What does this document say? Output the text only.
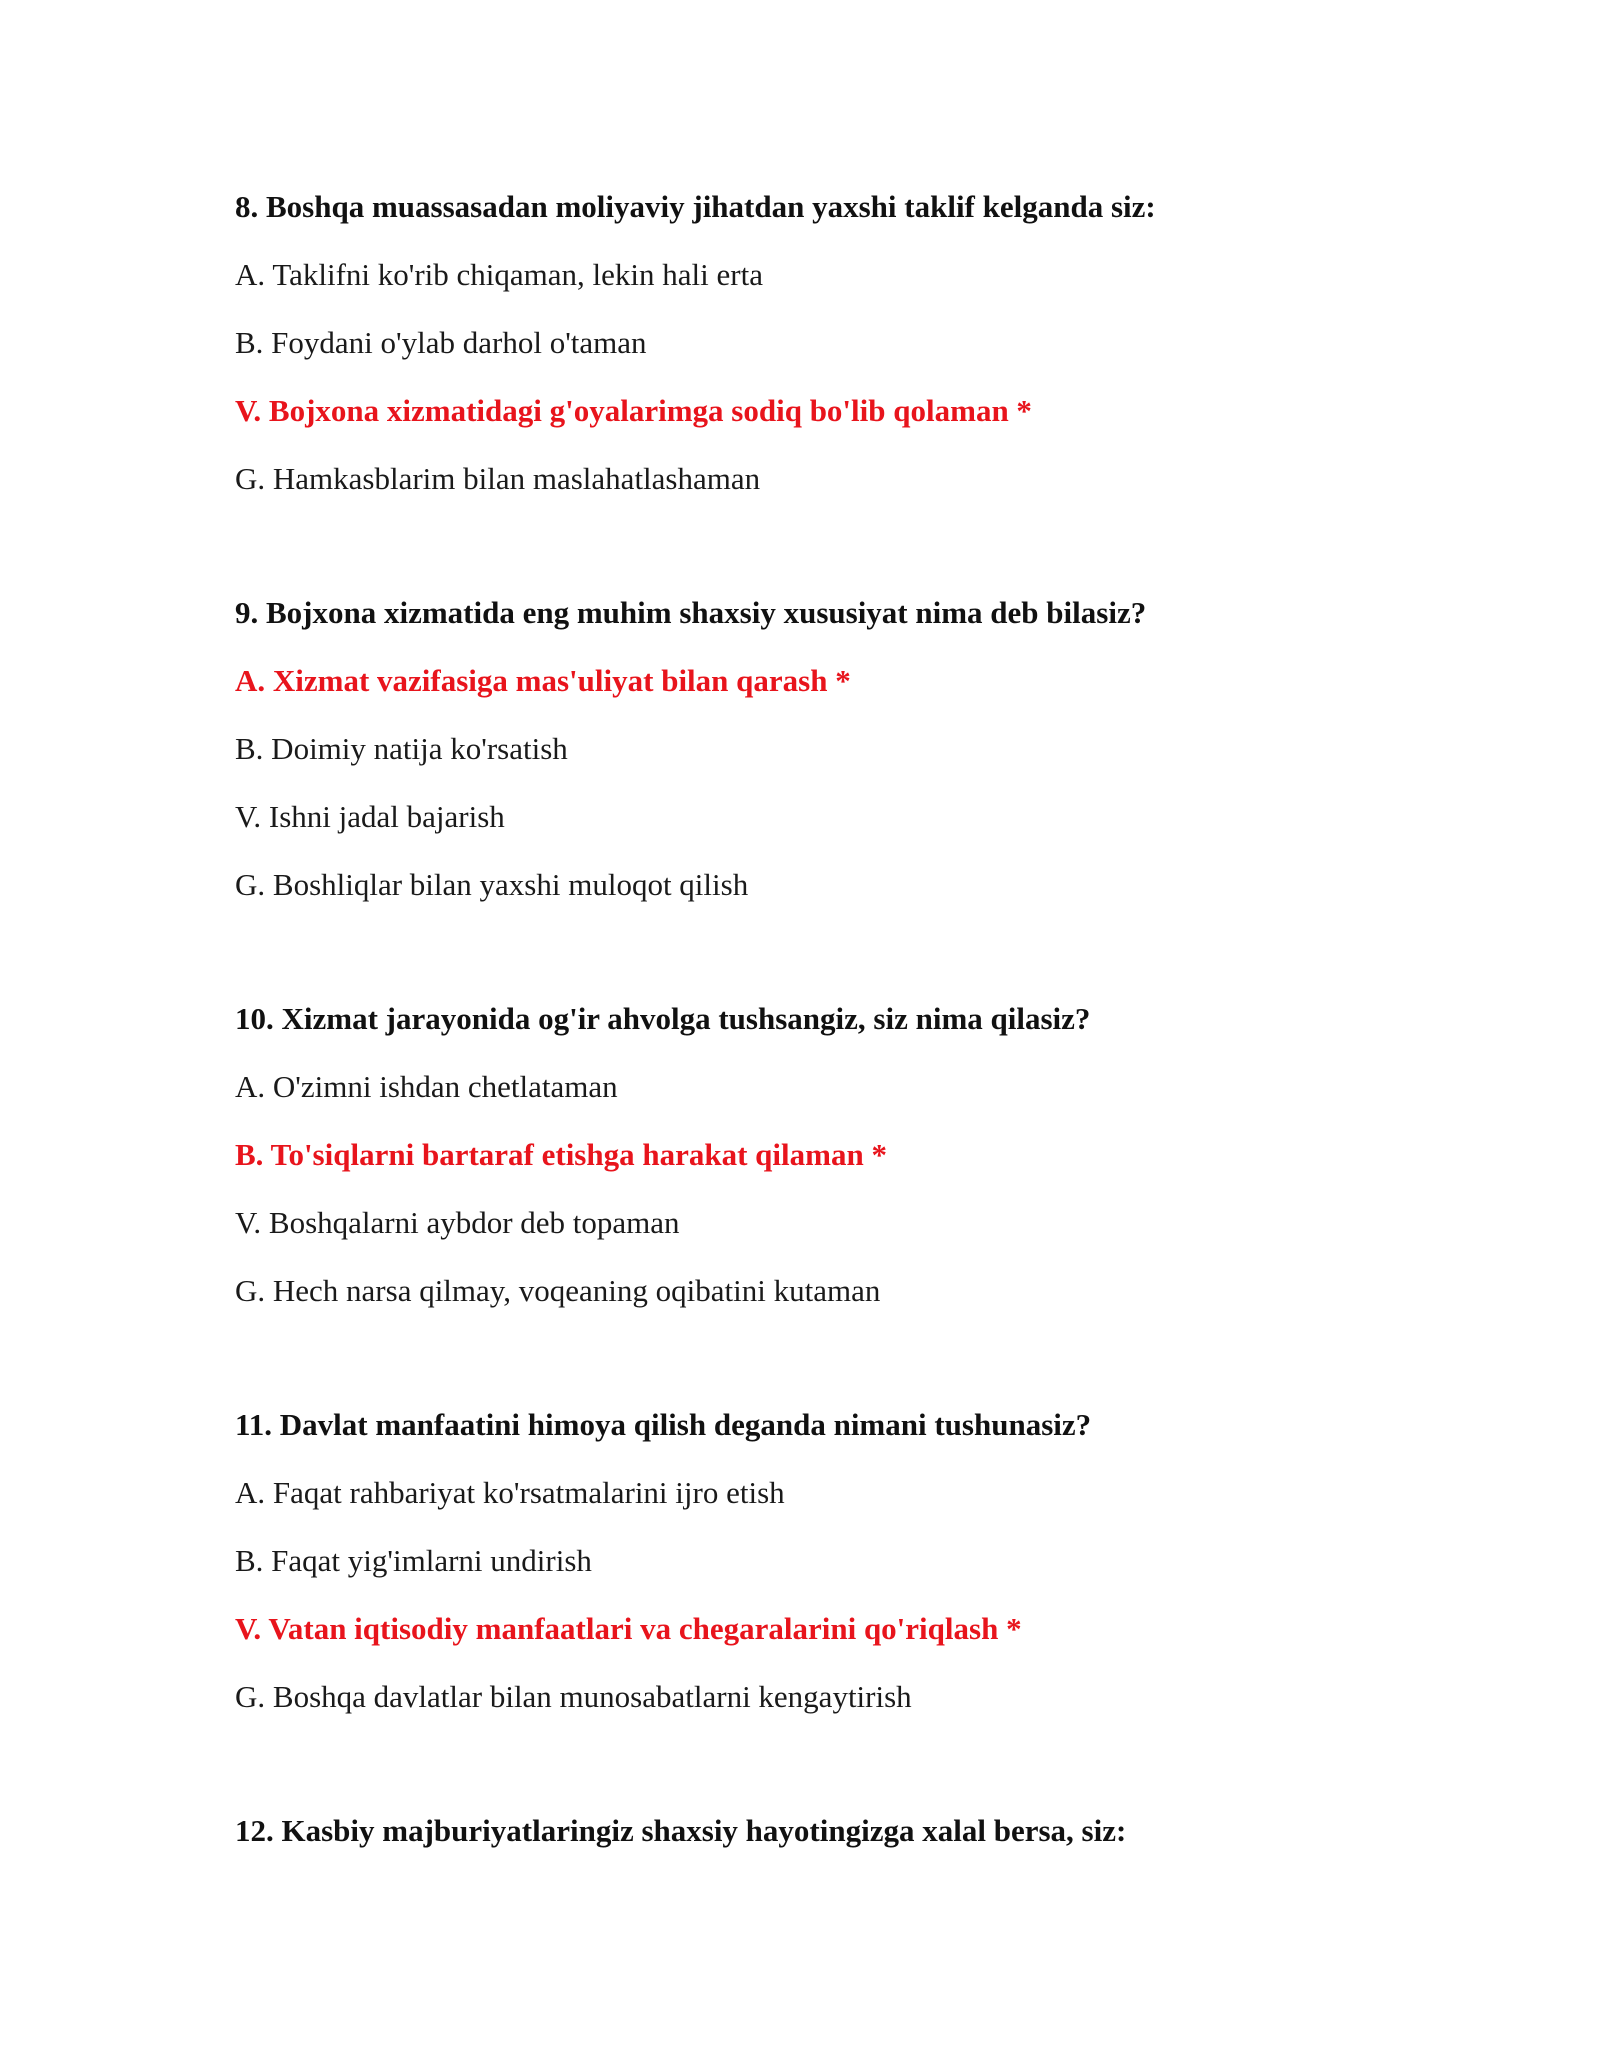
8. Boshqa muassasadan moliyaviy jihatdan yaxshi taklif kelganda siz:

A. Taklifni ko'rib chiqaman, lekin hali erta

B. Foydani o'ylab darhol o'taman

V. Bojxona xizmatidagi g'oyalarimga sodiq bo'lib qolaman *

G. Hamkasblarim bilan maslahatlashaman

9. Bojxona xizmatida eng muhim shaxsiy xususiyat nima deb bilasiz?

A. Xizmat vazifasiga mas'uliyat bilan qarash *

B. Doimiy natija ko'rsatish

V. Ishni jadal bajarish

G. Boshliqlar bilan yaxshi muloqot qilish

10. Xizmat jarayonida og'ir ahvolga tushsangiz, siz nima qilasiz?

A. O'zimni ishdan chetlataman

B. To'siqlarni bartaraf etishga harakat qilaman *

V. Boshqalarni aybdor deb topaman

G. Hech narsa qilmay, voqeaning oqibatini kutaman

11. Davlat manfaatini himoya qilish deganda nimani tushunasiz?

A. Faqat rahbariyat ko'rsatmalarini ijro etish

B. Faqat yig'imlarni undirish

V. Vatan iqtisodiy manfaatlari va chegaralarini qo'riqlash *

G. Boshqa davlatlar bilan munosabatlarni kengaytirish

12. Kasbiy majburiyatlaringiz shaxsiy hayotingizga xalal bersa, siz:
